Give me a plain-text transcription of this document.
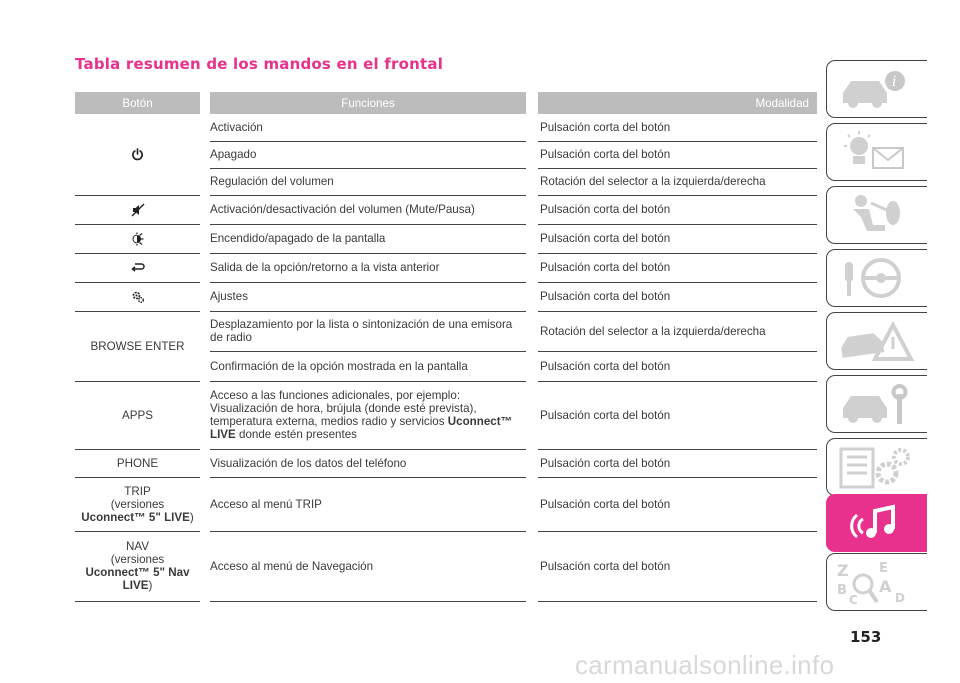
Tabla resumen de los mandos en el frontal
Botón		Funciones		Modalidad
		Activación		Pulsación corta del botón
		Apagado		Pulsación corta del botón
		Regulación del volumen		Rotación del selector a la izquierda/derecha
		Activación/desactivación del volumen (Mute/Pausa)		Pulsación corta del botón
		Encendido/apagado de la pantalla		Pulsación corta del botón
		Salida de la opción/retorno a la vista anterior		Pulsación corta del botón
		Ajustes		Pulsación corta del botón
BROWSE ENTER		Desplazamiento por la lista o sintonización de una emisora de radio		Rotación del selector a la izquierda/derecha
		Confirmación de la opción mostrada en la pantalla		Pulsación corta del botón
APPS		Acceso a las funciones adicionales, por ejemplo: Visualización de hora, brújula (donde esté prevista), temperatura externa, medios radio y servicios Uconnect™ LIVE donde estén presentes		Pulsación corta del botón
PHONE		Visualización de los datos del teléfono		Pulsación corta del botón
TRIP
(versiones
Uconnect™ 5" LIVE)		Acceso al menú TRIP		Pulsación corta del botón
NAV
(versiones
Uconnect™ 5" Nav LIVE)		Acceso al menú de Navegación		Pulsación corta del botón
i
Z E
B A
C	D
153
carmanualsonline.info
